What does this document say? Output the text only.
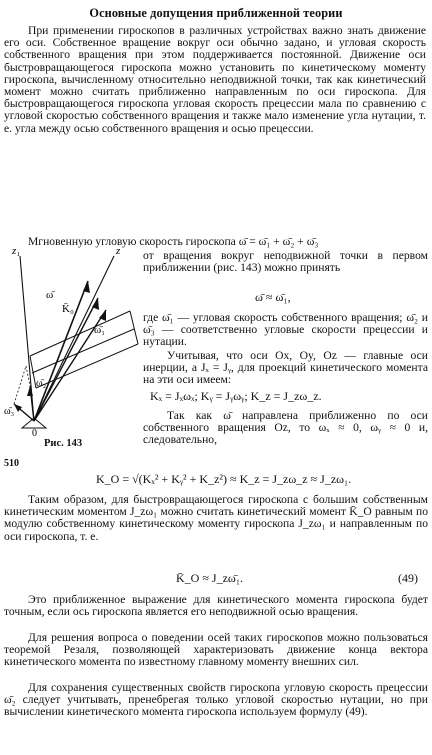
Основные допущения приближенной теории

При применении гироскопов в различных устройствах важно знать движение его оси. Собственное вращение вокруг оси обычно задано, и угловая скорость собственного вращения при этом поддерживается постоянной. Движение оси быстровращающегося гироскопа можно установить по кинетическому моменту гироскопа, вычисленному относительно неподвижной точки, так как кинетический момент можно считать приближенно направленным по оси гироскопа. Для быстровращающегося гироскопа угловая скорость прецессии мала по сравнению с угловой скоростью собственного вращения и также мало изменение угла нутации, т. е. угла между осью собственного вращения и осью прецессии.

Мгновенную угловую скорость гироскопа ω̄ = ω̄₁ + ω̄₂ + ω̄₃

от вращения вокруг неподвижной точки в первом приближении (рис. 143) можно принять

ω̄ ≈ ω̄₁,

где ω̄₁ — угловая скорость собственного вращения; ω̄₂ и ω̄₃ — соответственно угловые скорости прецессии и нутации.

Учитывая, что оси Ox, Oy, Oz — главные оси инерции, а Jₓ = Jᵧ, для проекций кинетического момента на эти оси имеем:

Kₓ = Jₓωₓ; Kᵧ = Jᵧωᵧ; K_z = J_zω_z.

Так как ω̄ направлена приближенно по оси собственного вращения Oz, то ωₓ ≈ 0, ωᵧ ≈ 0 и, следовательно,

z₁	z
K̄₀
ω̄
ω̄₁
ω̄₂
ω̄₃
0
Рис. 143
510
K_O = √(Kₓ² + Kᵧ² + K_z²) ≈ K_z = J_zω_z ≈ J_zω₁.

Таким образом, для быстровращающегося гироскопа с большим собственным кинетическим моментом J_zω₁ можно считать кинетический момент K̄_O равным по модулю собственному кинетическому моменту гироскопа J_zω₁ и направленным по оси гироскопа, т. е.

K̄_O ≈ J_zω̄₁.	(49)

Это приближенное выражение для кинетического момента гироскопа будет точным, если ось гироскопа является его неподвижной осью вращения.

Для решения вопроса о поведении осей таких гироскопов можно пользоваться теоремой Резаля, позволяющей характеризовать движение конца вектора кинетического момента по известному главному моменту внешних сил.

Для сохранения существенных свойств гироскопа угловую скорость прецессии ω̄₂ следует учитывать, пренебрегая только угловой скоростью нутации, но при вычислении кинетического момента гироскопа используем формулу (49).
